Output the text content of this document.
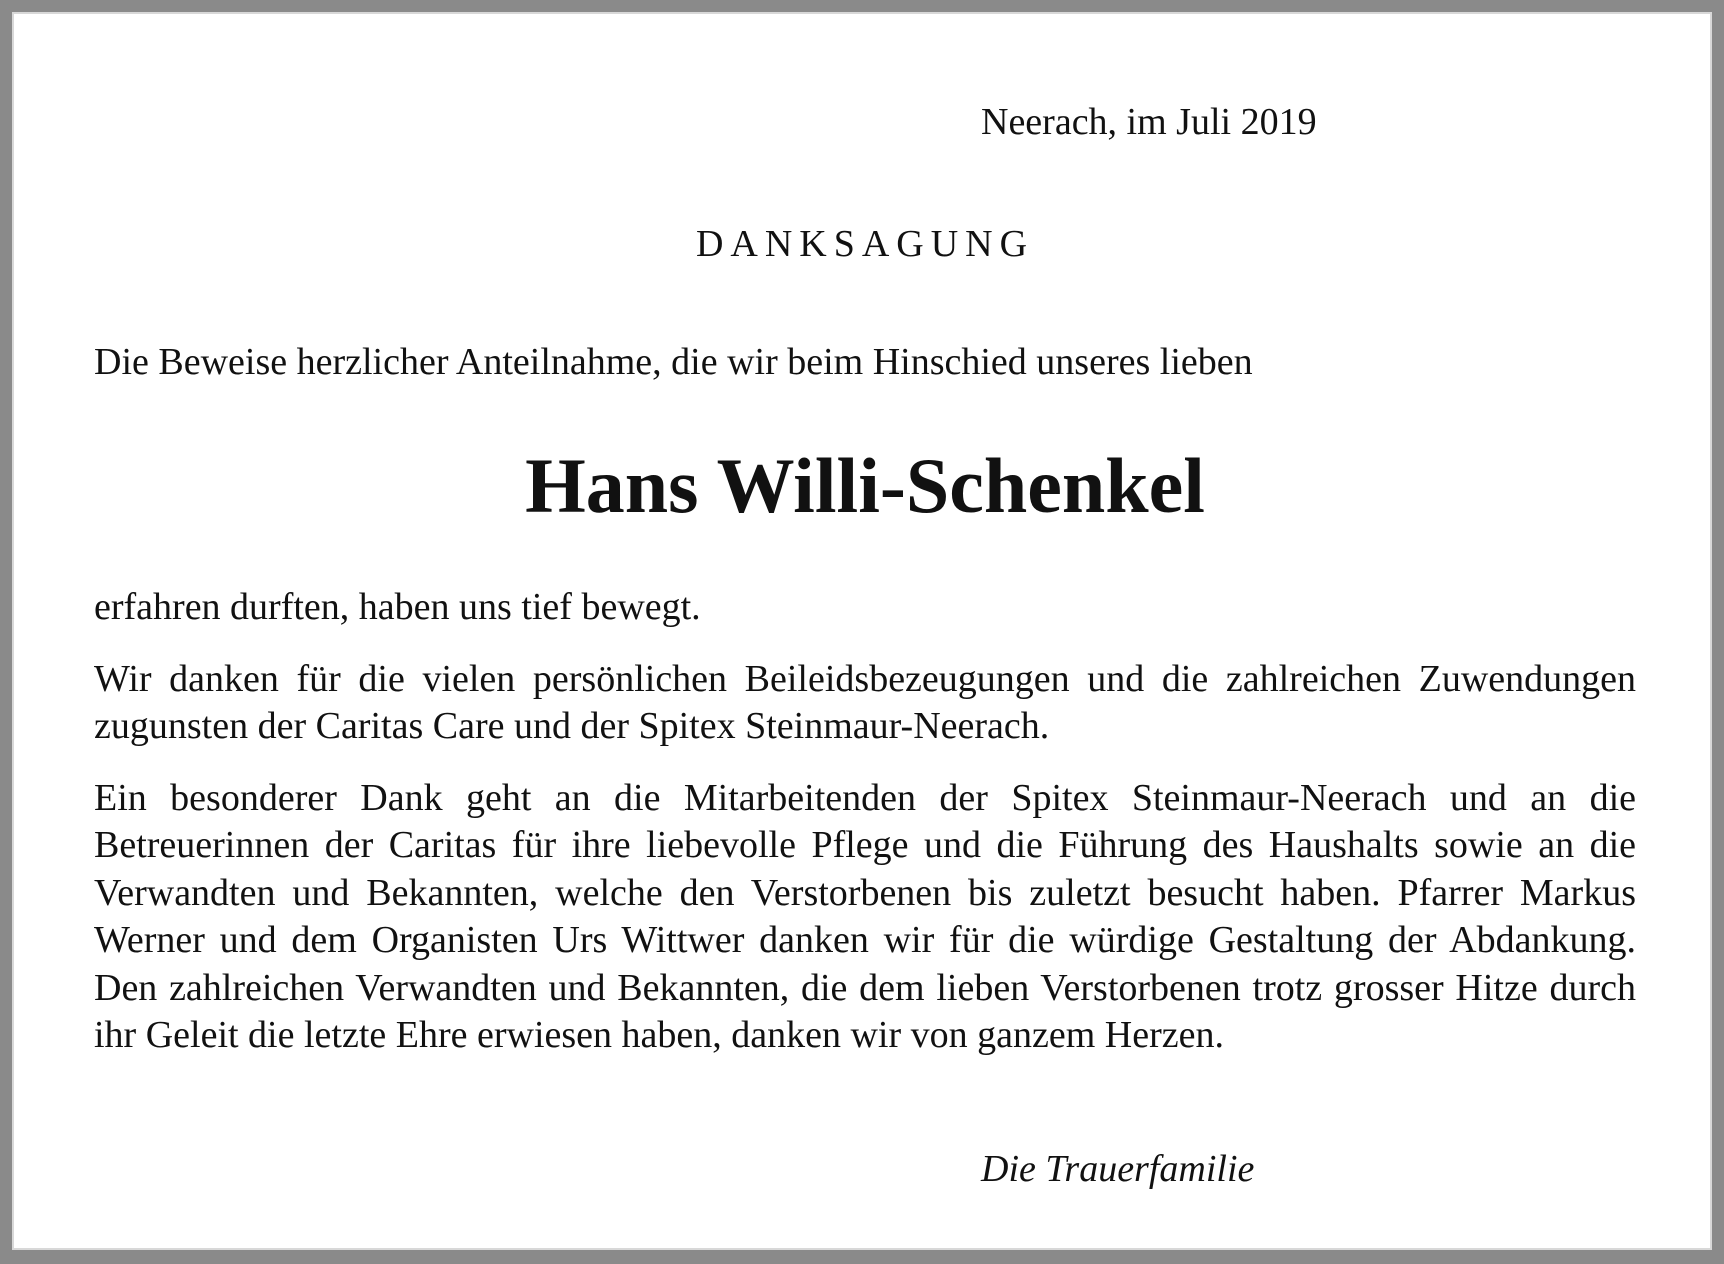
Neerach, im Juli 2019
DANKSAGUNG
Die Beweise herzlicher Anteilnahme, die wir beim Hinschied unseres lieben
Hans Willi-Schenkel

erfahren durften, haben uns tief bewegt.

Wir danken für die vielen persönlichen Beileidsbezeugungen und die zahlreichen Zuwendungen zugunsten der Caritas Care und der Spitex Steinmaur-Neerach.

Ein besonderer Dank geht an die Mitarbeitenden der Spitex Steinmaur-Neerach und an die Betreuerinnen der Caritas für ihre liebevolle Pflege und die Führung des Haushalts sowie an die Verwandten und Bekannten, welche den Verstorbenen bis zuletzt besucht haben. Pfarrer Markus Werner und dem Organisten Urs Wittwer danken wir für die würdige Gestaltung der Abdankung. Den zahlreichen Verwandten und Bekannten, die dem lieben Verstorbenen trotz grosser Hitze durch ihr Geleit die letzte Ehre erwiesen haben, danken wir von ganzem Herzen.

Die Trauerfamilie
